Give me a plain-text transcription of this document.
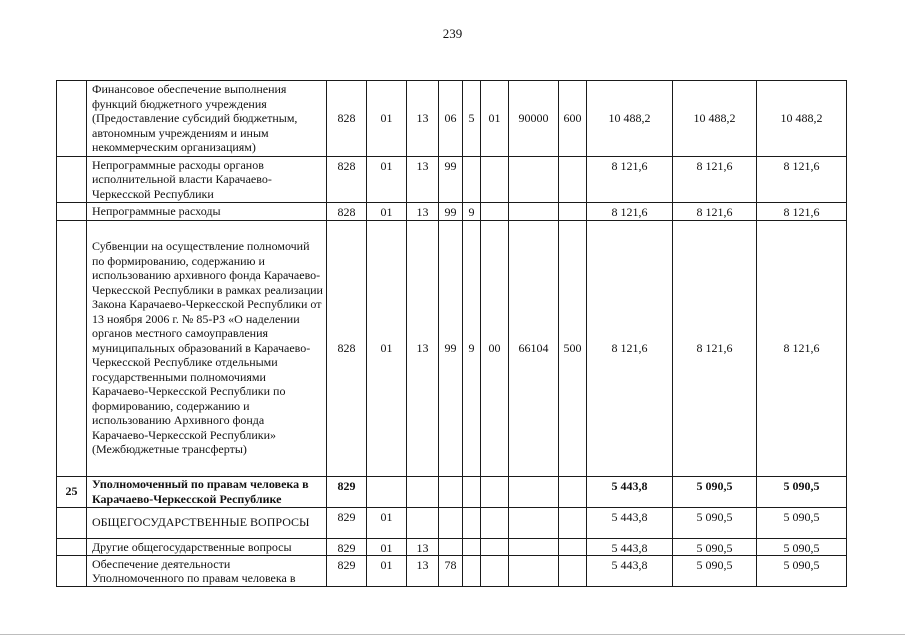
239
	Финансовое обеспечение выполнения функций бюджетного учреждения (Предоставление субсидий бюджетным, автономным учреждениям и иным некоммерческим организациям)	828	01	13	06	5	01	90000	600	10 488,2	10 488,2	10 488,2
	Непрограммные расходы органов исполнительной власти Карачаево-Черкесской Республики	828	01	13	99					8 121,6	8 121,6	8 121,6
	Непрограммные расходы	828	01	13	99	9				8 121,6	8 121,6	8 121,6
	Субвенции на осуществление полномочий по формированию, содержанию и использованию архивного фонда Карачаево-Черкесской Республики в рамках реализации Закона Карачаево-Черкесской Республики от 13 ноября 2006 г. № 85-РЗ «О наделении органов местного самоуправления муниципальных образований в Карачаево-Черкесской Республике отдельными государственными полномочиями Карачаево-Черкесской Республики по формированию, содержанию и использованию Архивного фонда Карачаево-Черкесской Республики» (Межбюджетные трансферты)	828	01	13	99	9	00	66104	500	8 121,6	8 121,6	8 121,6
25	Уполномоченный по правам человека в Карачаево-Черкесской Республике	829								5 443,8	5 090,5	5 090,5
	ОБЩЕГОСУДАРСТВЕННЫЕ ВОПРОСЫ	829	01							5 443,8	5 090,5	5 090,5
	Другие общегосударственные вопросы	829	01	13						5 443,8	5 090,5	5 090,5
	Обеспечение деятельности Уполномоченного по правам человека в	829	01	13	78					5 443,8	5 090,5	5 090,5
